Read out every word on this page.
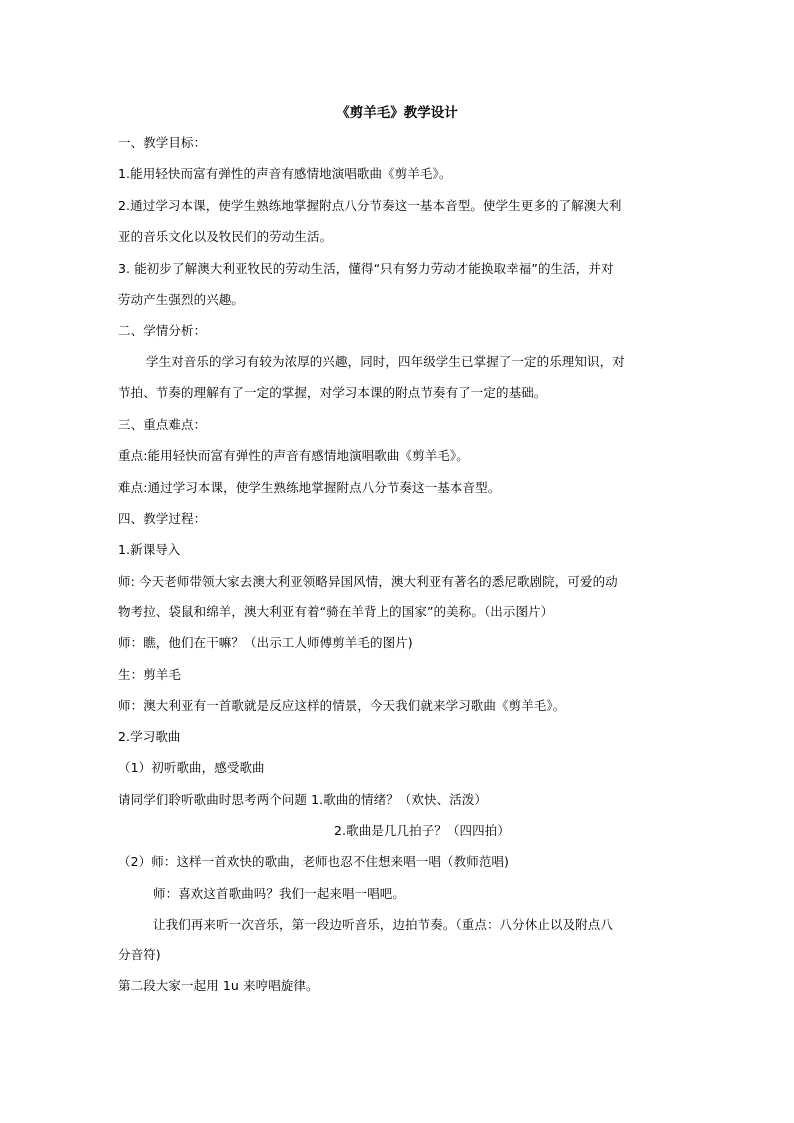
《剪羊毛》教学设计
一、教学目标：
1.能用轻快而富有弹性的声音有感情地演唱歌曲《剪羊毛》。
2.通过学习本课，使学生熟练地掌握附点八分节奏这一基本音型。使学生更多的了解澳大利
亚的音乐文化以及牧民们的劳动生活。
3. 能初步了解澳大利亚牧民的劳动生活，懂得“只有努力劳动才能换取幸福”的生活，并对
劳动产生强烈的兴趣。
二、学情分析：
学生对音乐的学习有较为浓厚的兴趣，同时，四年级学生已掌握了一定的乐理知识，对
节拍、节奏的理解有了一定的掌握，对学习本课的附点节奏有了一定的基础。
三、重点难点：
重点:能用轻快而富有弹性的声音有感情地演唱歌曲《剪羊毛》。
难点:通过学习本课，使学生熟练地掌握附点八分节奏这一基本音型。
四、教学过程：
1.新课导入
师: 今天老师带领大家去澳大利亚领略异国风情，澳大利亚有著名的悉尼歌剧院，可爱的动
物考拉、袋鼠和绵羊，澳大利亚有着“骑在羊背上的国家”的美称。（出示图片）
师：瞧，他们在干嘛？（出示工人师傅剪羊毛的图片)
生：剪羊毛
师：澳大利亚有一首歌就是反应这样的情景，今天我们就来学习歌曲《剪羊毛》。
2.学习歌曲
（1）初听歌曲，感受歌曲
请同学们聆听歌曲时思考两个问题 1.歌曲的情绪？（欢快、活泼）
2.歌曲是几几拍子？（四四拍）
（2）师：这样一首欢快的歌曲，老师也忍不住想来唱一唱（教师范唱)
师：喜欢这首歌曲吗？我们一起来唱一唱吧。
让我们再来听一次音乐，第一段边听音乐，边拍节奏。（重点：八分休止以及附点八
分音符)
第二段大家一起用 1u 来哼唱旋律。
